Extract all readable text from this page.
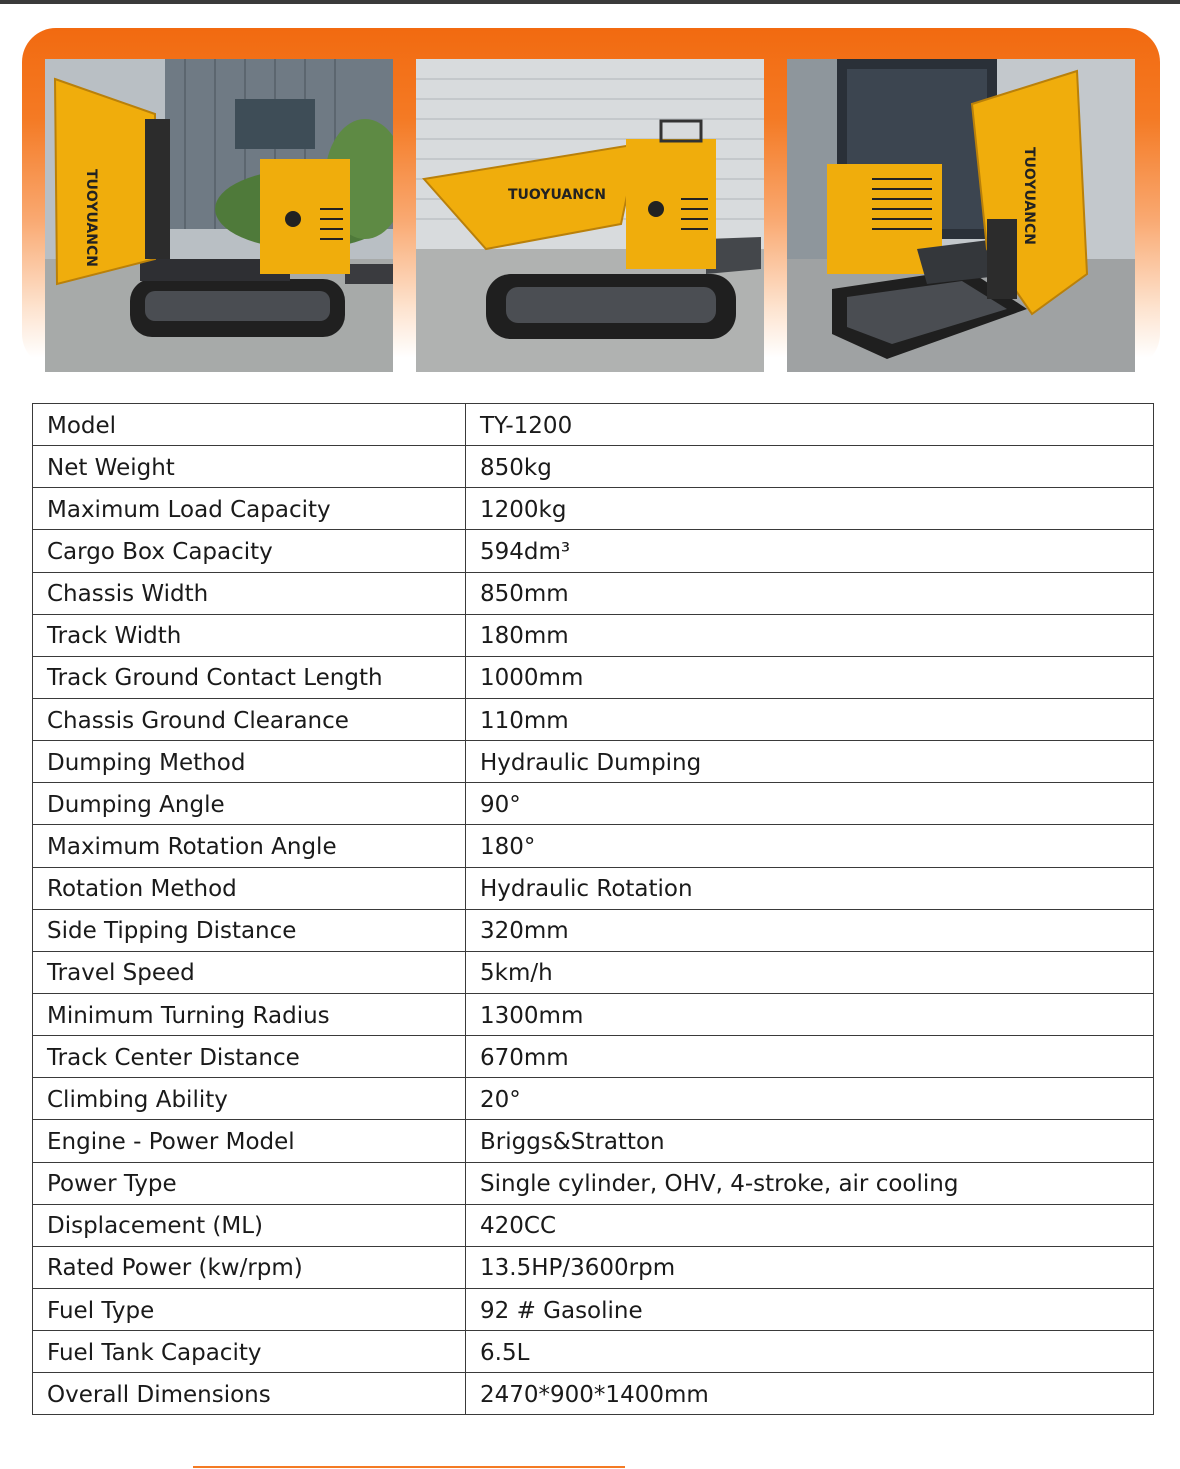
TUOYUANCN	TUOYUANCN	TUOYUANCN
Model	TY-1200
Net Weight	850kg
Maximum Load Capacity	1200kg
Cargo Box Capacity	594dm³
Chassis Width	850mm
Track Width	180mm
Track Ground Contact Length	1000mm
Chassis Ground Clearance	110mm
Dumping Method	Hydraulic Dumping
Dumping Angle	90°
Maximum Rotation Angle	180°
Rotation Method	Hydraulic Rotation
Side Tipping Distance	320mm
Travel Speed	5km/h
Minimum Turning Radius	1300mm
Track Center Distance	670mm
Climbing Ability	20°
Engine - Power Model	Briggs&Stratton
Power Type	Single cylinder, OHV, 4-stroke, air cooling
Displacement (ML)	420CC
Rated Power (kw/rpm)	13.5HP/3600rpm
Fuel Type	92 # Gasoline
Fuel Tank Capacity	6.5L
Overall Dimensions	2470*900*1400mm
